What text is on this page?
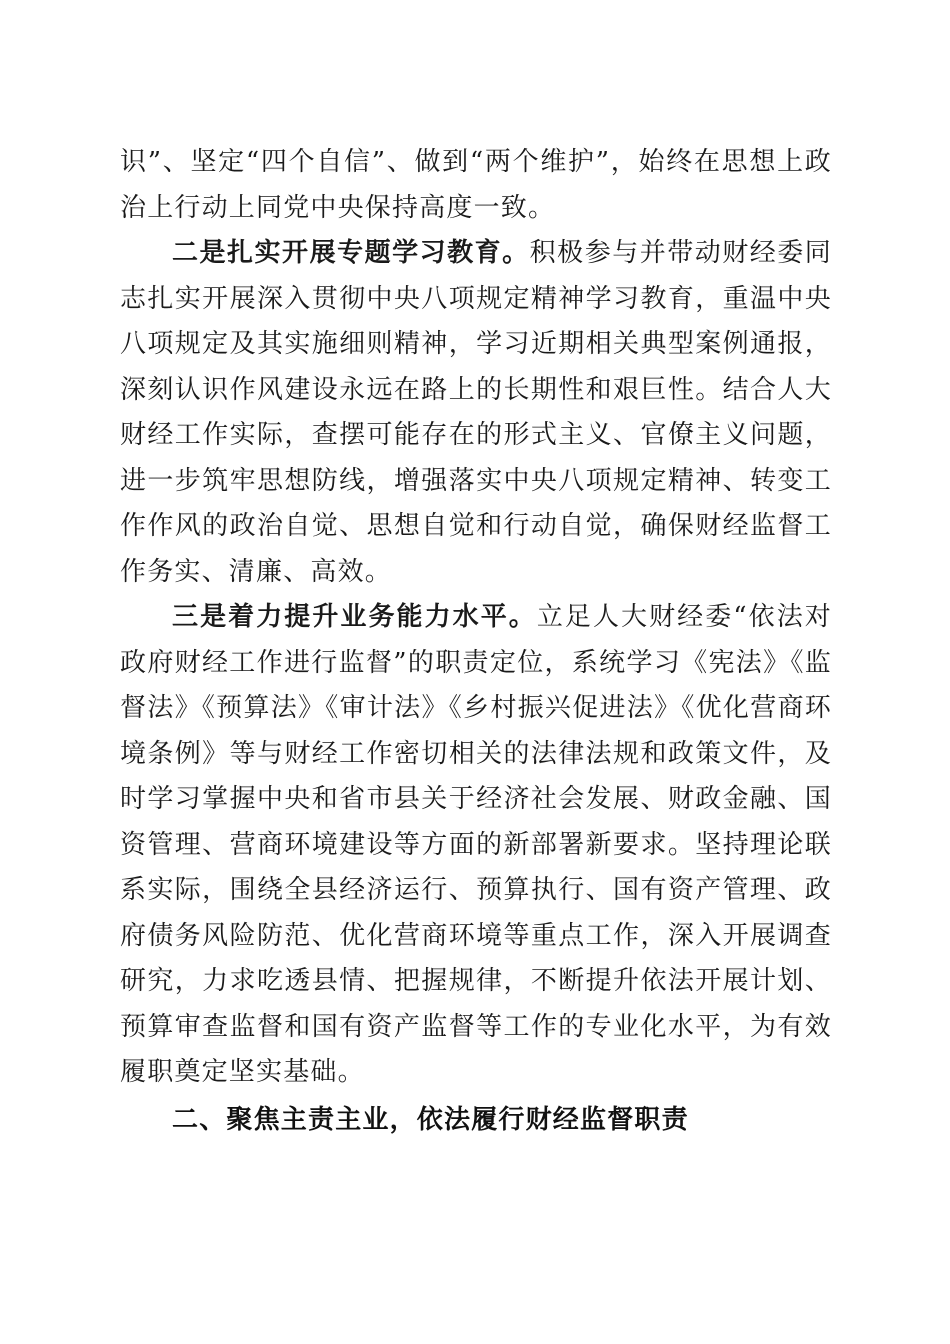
识”、坚定“四个自信”、做到“两个维护”，始终在思想上政治上行动上同党中央保持高度一致。

二是扎实开展专题学习教育。积极参与并带动财经委同志扎实开展深入贯彻中央八项规定精神学习教育，重温中央八项规定及其实施细则精神，学习近期相关典型案例通报，深刻认识作风建设永远在路上的长期性和艰巨性。结合人大财经工作实际，查摆可能存在的形式主义、官僚主义问题，进一步筑牢思想防线，增强落实中央八项规定精神、转变工作作风的政治自觉、思想自觉和行动自觉，确保财经监督工作务实、清廉、高效。

三是着力提升业务能力水平。立足人大财经委“依法对政府财经工作进行监督”的职责定位，系统学习《宪法》《监督法》《预算法》《审计法》《乡村振兴促进法》《优化营商环境条例》等与财经工作密切相关的法律法规和政策文件，及时学习掌握中央和省市县关于经济社会发展、财政金融、国资管理、营商环境建设等方面的新部署新要求。坚持理论联系实际，围绕全县经济运行、预算执行、国有资产管理、政府债务风险防范、优化营商环境等重点工作，深入开展调查研究，力求吃透县情、把握规律，不断提升依法开展计划、预算审查监督和国有资产监督等工作的专业化水平，为有效履职奠定坚实基础。

二、聚焦主责主业，依法履行财经监督职责
